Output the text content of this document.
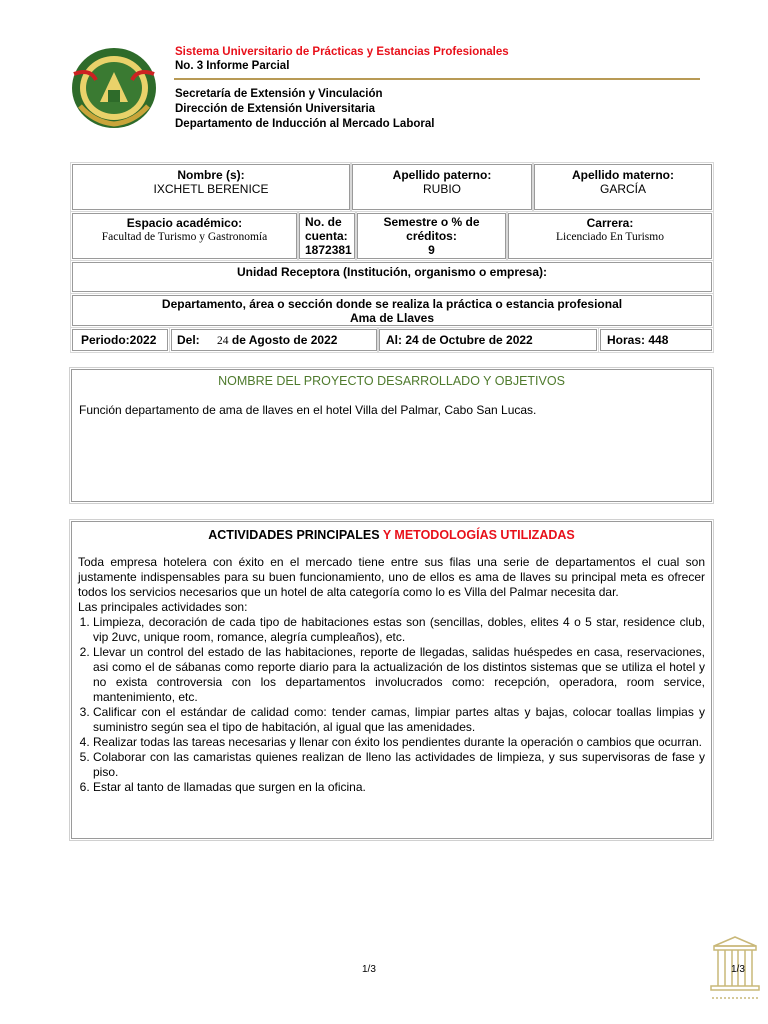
Sistema Universitario de Prácticas y Estancias Profesionales
No. 3 Informe Parcial
Secretaría de Extensión y Vinculación
Dirección de Extensión Universitaria
Departamento de Inducción al Mercado Laboral
Nombre (s):
IXCHETL BERENICE
Apellido paterno:
RUBIO
Apellido materno:
GARCÍA
Espacio académico:
Facultad de Turismo y Gastronomía
No. de
cuenta:
1872381
Semestre o % de
créditos:
9
Carrera:
Licenciado En Turismo
Unidad Receptora (Institución, organismo o empresa):
Departamento, área o sección donde se realiza la práctica o estancia profesional
Ama de Llaves
Periodo:2022	Del: 24 de Agosto de 2022	Al: 24 de Octubre de 2022	Horas: 448
NOMBRE DEL PROYECTO DESARROLLADO Y OBJETIVOS
Función departamento de ama de llaves en el hotel Villa del Palmar, Cabo San Lucas.
ACTIVIDADES PRINCIPALES Y METODOLOGÍAS UTILIZADAS
Toda empresa hotelera con éxito en el mercado tiene entre sus filas una serie de departamentos el cual son justamente indispensables para su buen funcionamiento, uno de ellos es ama de llaves su principal meta es ofrecer todos los servicios necesarios que un hotel de alta categoría como lo es Villa del Palmar necesita dar.
Las principales actividades son:
1. Limpieza, decoración de cada tipo de habitaciones estas son (sencillas, dobles, elites 4 o 5 star, residence club, vip 2uvc, unique room, romance, alegría cumpleaños), etc.
2. Llevar un control del estado de las habitaciones, reporte de llegadas, salidas huéspedes en casa, reservaciones, asi como el de sábanas como reporte diario para la actualización de los distintos sistemas que se utiliza el hotel y no exista controversia con los departamentos involucrados como: recepción, operadora, room service, mantenimiento, etc.
3. Calificar con el estándar de calidad como: tender camas, limpiar partes altas y bajas, colocar toallas limpias y suministro según sea el tipo de habitación, al igual que las amenidades.
4. Realizar todas las tareas necesarias y llenar con éxito los pendientes durante la operación o cambios que ocurran.
5. Colaborar con las camaristas quienes realizan de lleno las actividades de limpieza, y sus supervisoras de fase y piso.
6. Estar al tanto de llamadas que surgen en la oficina.
1/3	1/3
